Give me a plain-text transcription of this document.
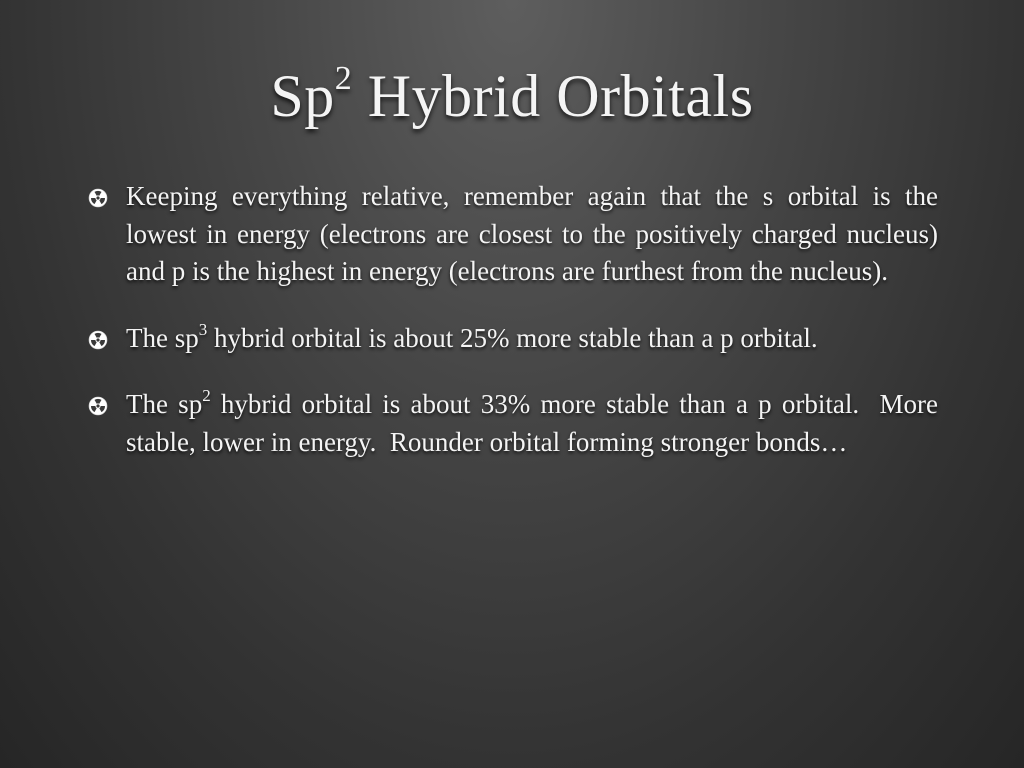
Sp$^2$ Hybrid Orbitals
Keeping everything relative, remember again that the s orbital is the lowest in energy (electrons are closest to the positively charged nucleus) and p is the highest in energy (electrons are furthest from the nucleus).
The $sp^3$ hybrid orbital is about 25% more stable than a p orbital.
The $sp^2$ hybrid orbital is about 33% more stable than a p orbital.  More stable, lower in energy.  Rounder orbital forming stronger bonds…
